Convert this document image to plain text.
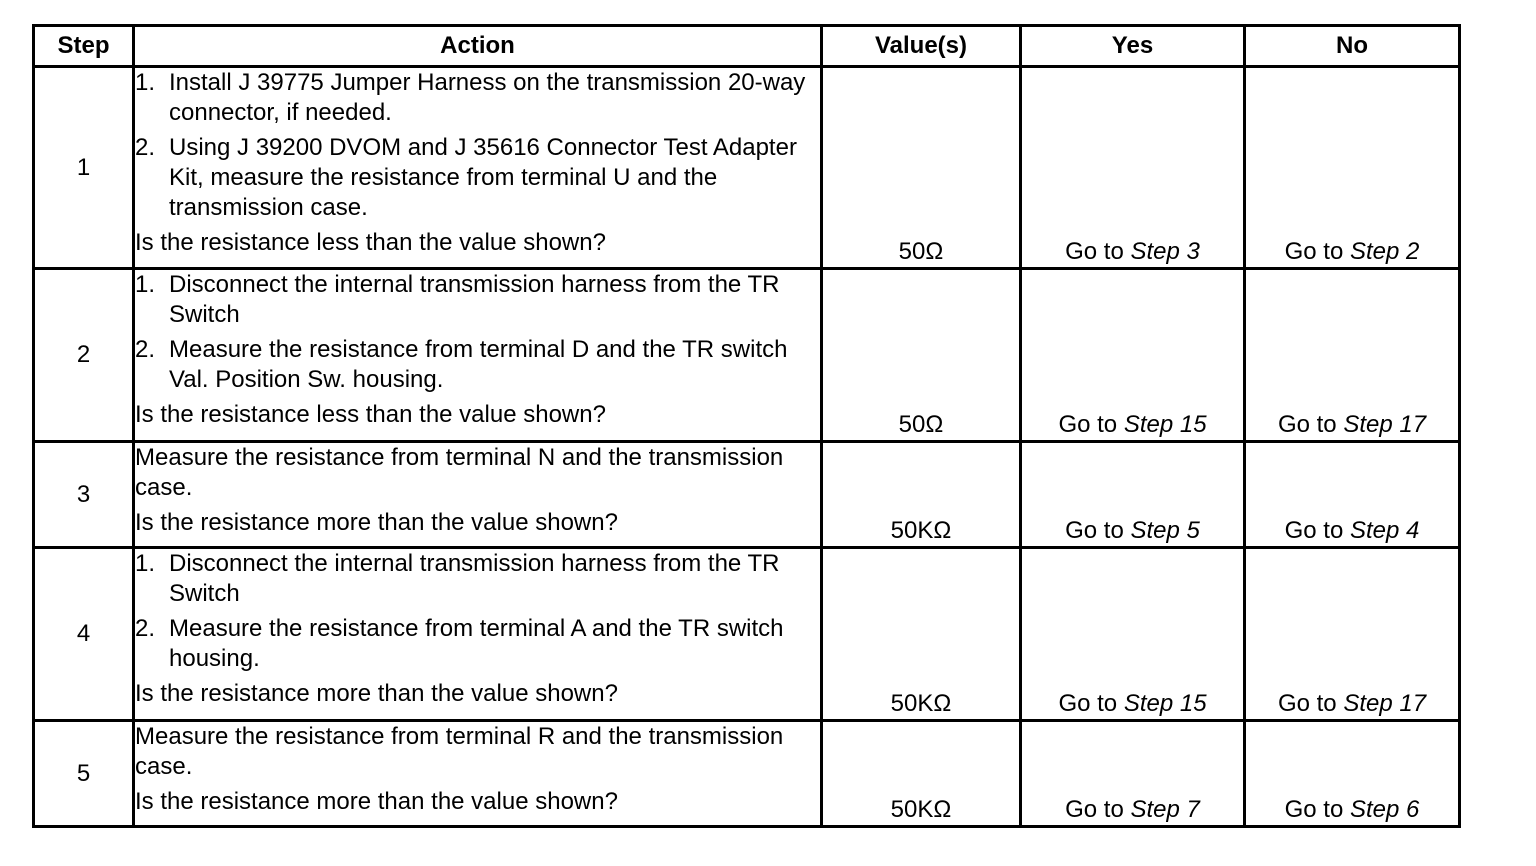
Step	Action	Value(s)	Yes	No
1	1. Install J 39775 Jumper Harness on the transmission 20-way connector, if needed.
2. Using J 39200 DVOM and J 35616 Connector Test Adapter Kit, measure the resistance from terminal U and the transmission case.
Is the resistance less than the value shown?	50Ω	Go to Step 3	Go to Step 2
2	1. Disconnect the internal transmission harness from the TR Switch
2. Measure the resistance from terminal D and the TR switch Val. Position Sw. housing.
Is the resistance less than the value shown?	50Ω	Go to Step 15	Go to Step 17
3	Measure the resistance from terminal N and the transmission case.
Is the resistance more than the value shown?	50KΩ	Go to Step 5	Go to Step 4
4	1. Disconnect the internal transmission harness from the TR Switch
2. Measure the resistance from terminal A and the TR switch housing.
Is the resistance more than the value shown?	50KΩ	Go to Step 15	Go to Step 17
5	Measure the resistance from terminal R and the transmission case.
Is the resistance more than the value shown?	50KΩ	Go to Step 7	Go to Step 6
